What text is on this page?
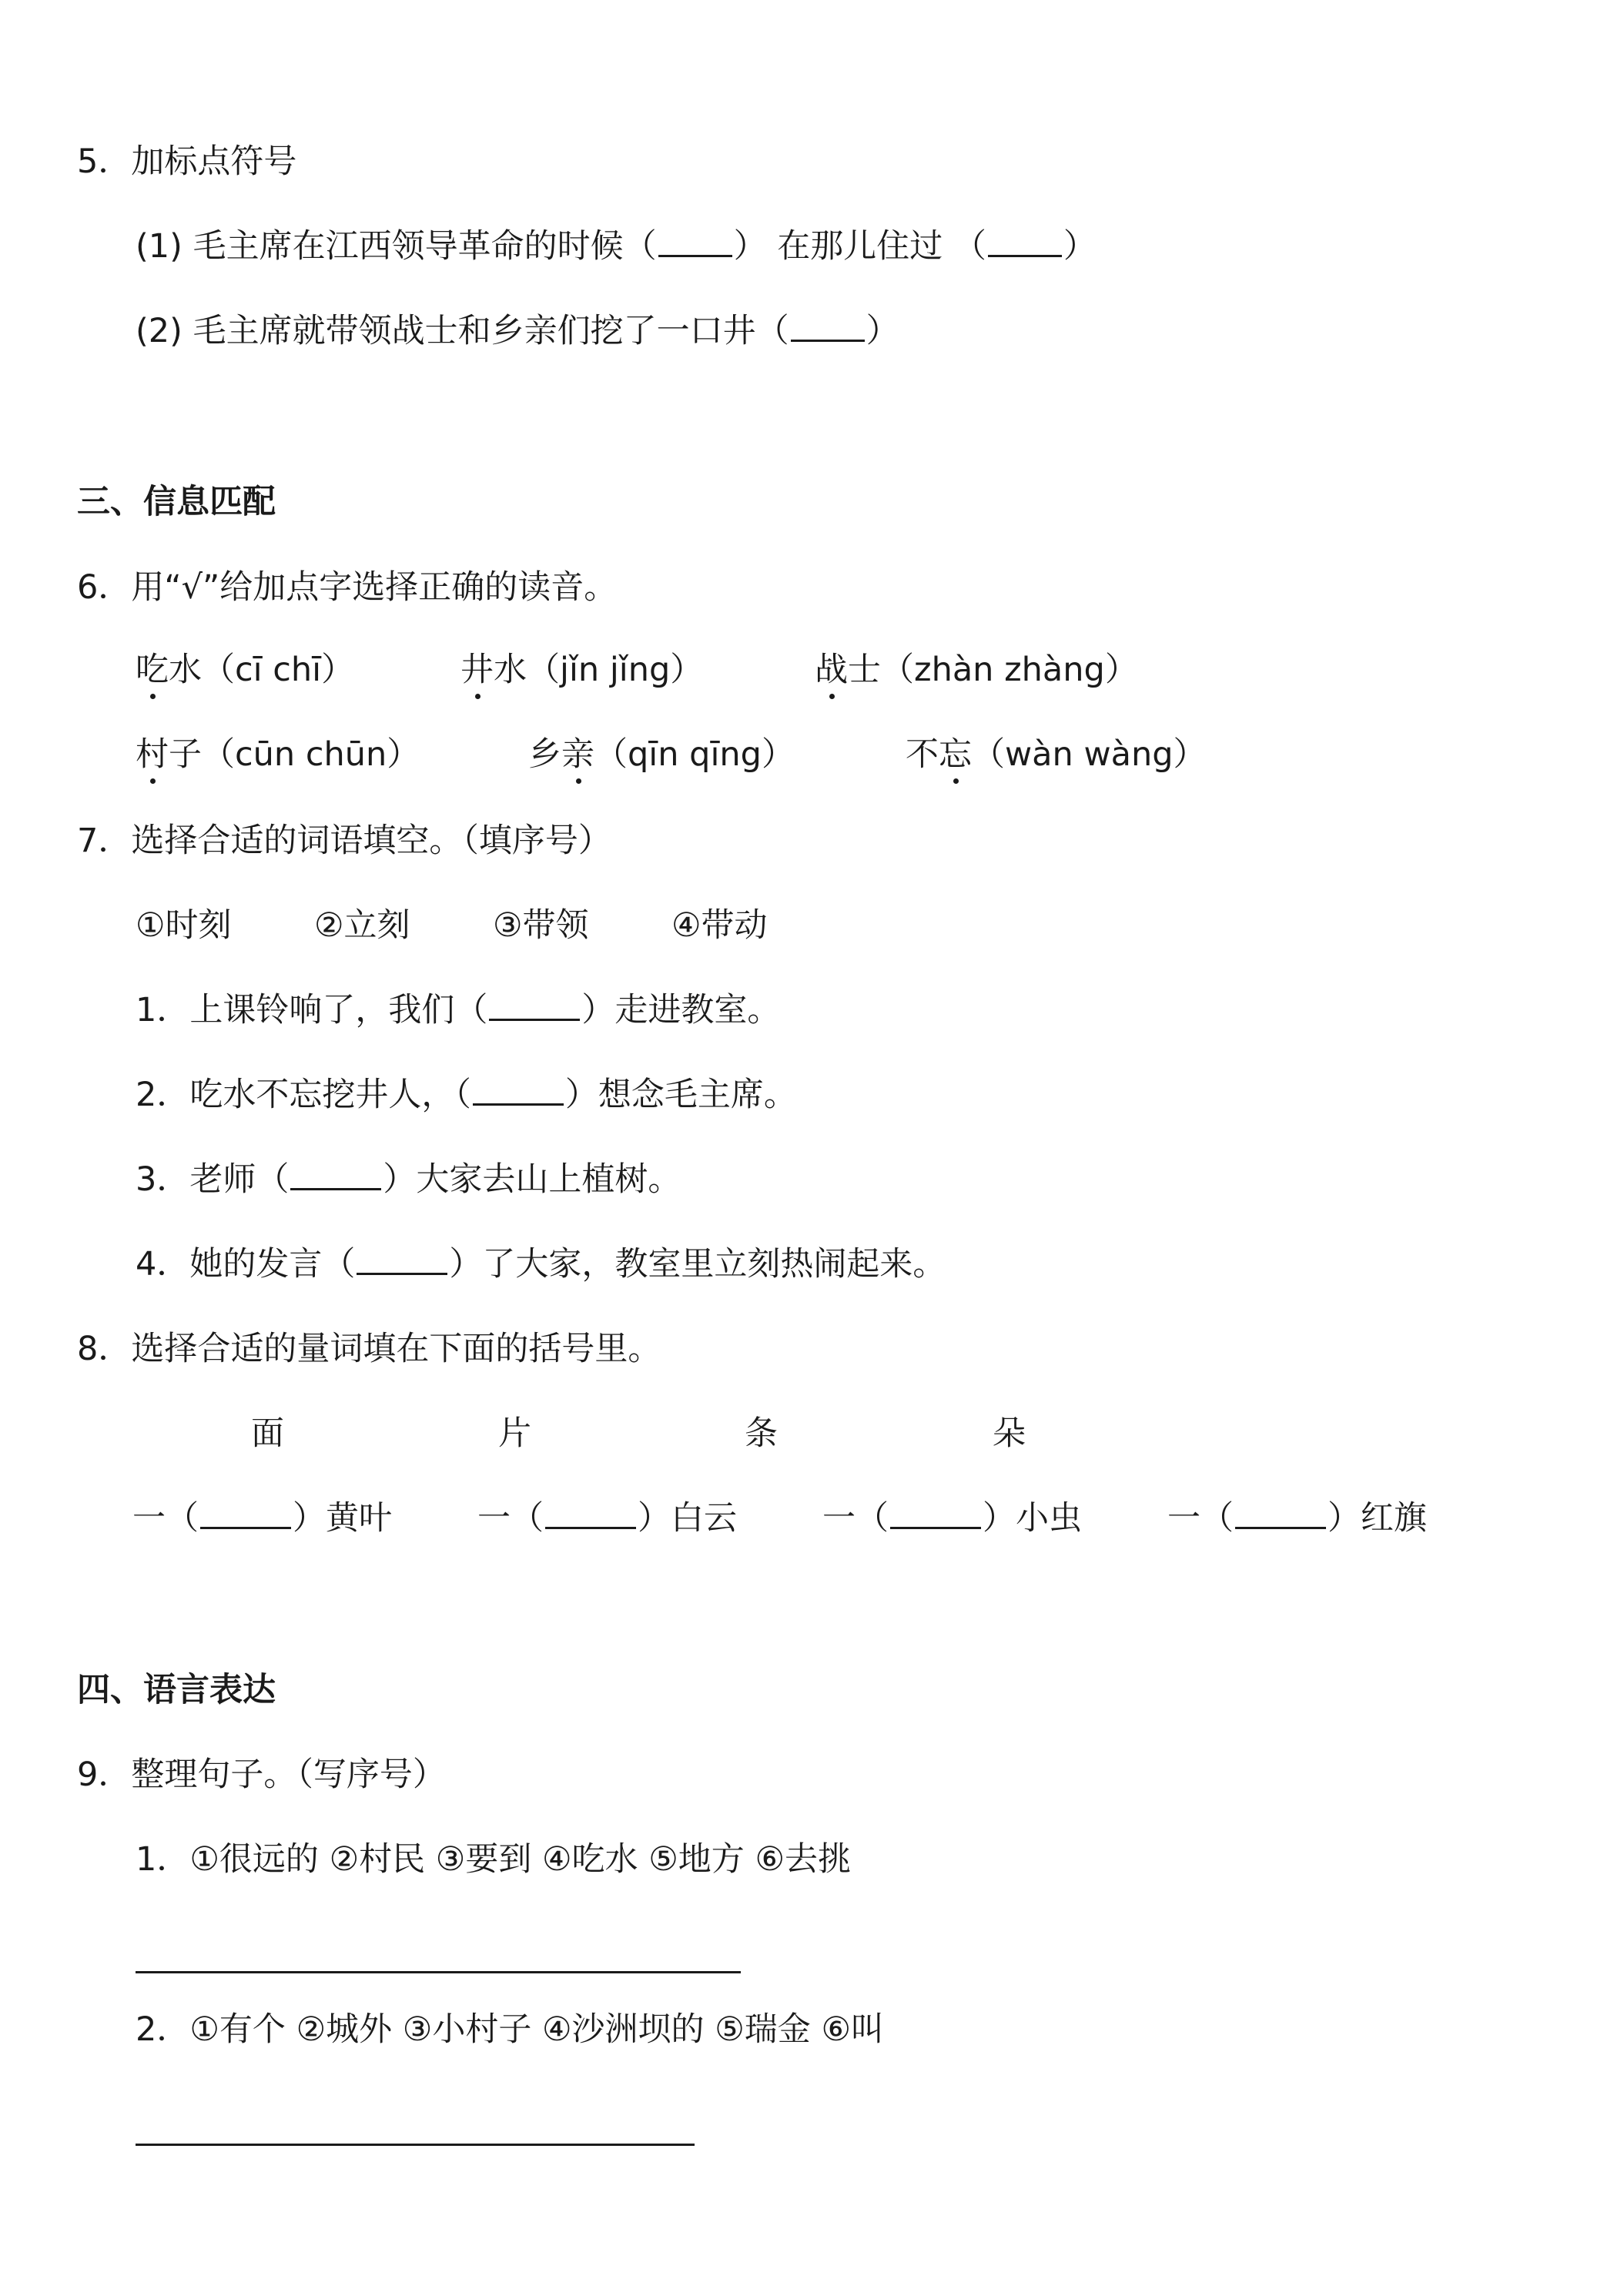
5．加标点符号
(1) 毛主席在江西领导革命的时候（ ） 在那儿住过 （ ）
(2) 毛主席就带领战士和乡亲们挖了一口井（ ）
三、信息匹配
6．用“√”给加点字选择正确的读音。
吃水（cī chī）	井水（jǐn jǐng）	战士（zhàn zhàng）
村子（cūn chūn）	乡亲（qīn qīng）	不忘（wàn wàng）
7．选择合适的词语填空。（填序号）
①时刻 ②立刻 ③带领 ④带动
1．上课铃响了，我们（	）走进教室。
2．吃水不忘挖井人，（	）想念毛主席。
3．老师（	）大家去山上植树。
4．她的发言（	）了大家，教室里立刻热闹起来。
8．选择合适的量词填在下面的括号里。
面	片	条	朵
一（	）黄叶	一（	）白云	一（	）小虫	一（	）红旗
四、语言表达
9．整理句子。（写序号）
1．①很远的 ②村民 ③要到 ④吃水 ⑤地方 ⑥去挑
2．①有个 ②城外 ③小村子 ④沙洲坝的 ⑤瑞金 ⑥叫
